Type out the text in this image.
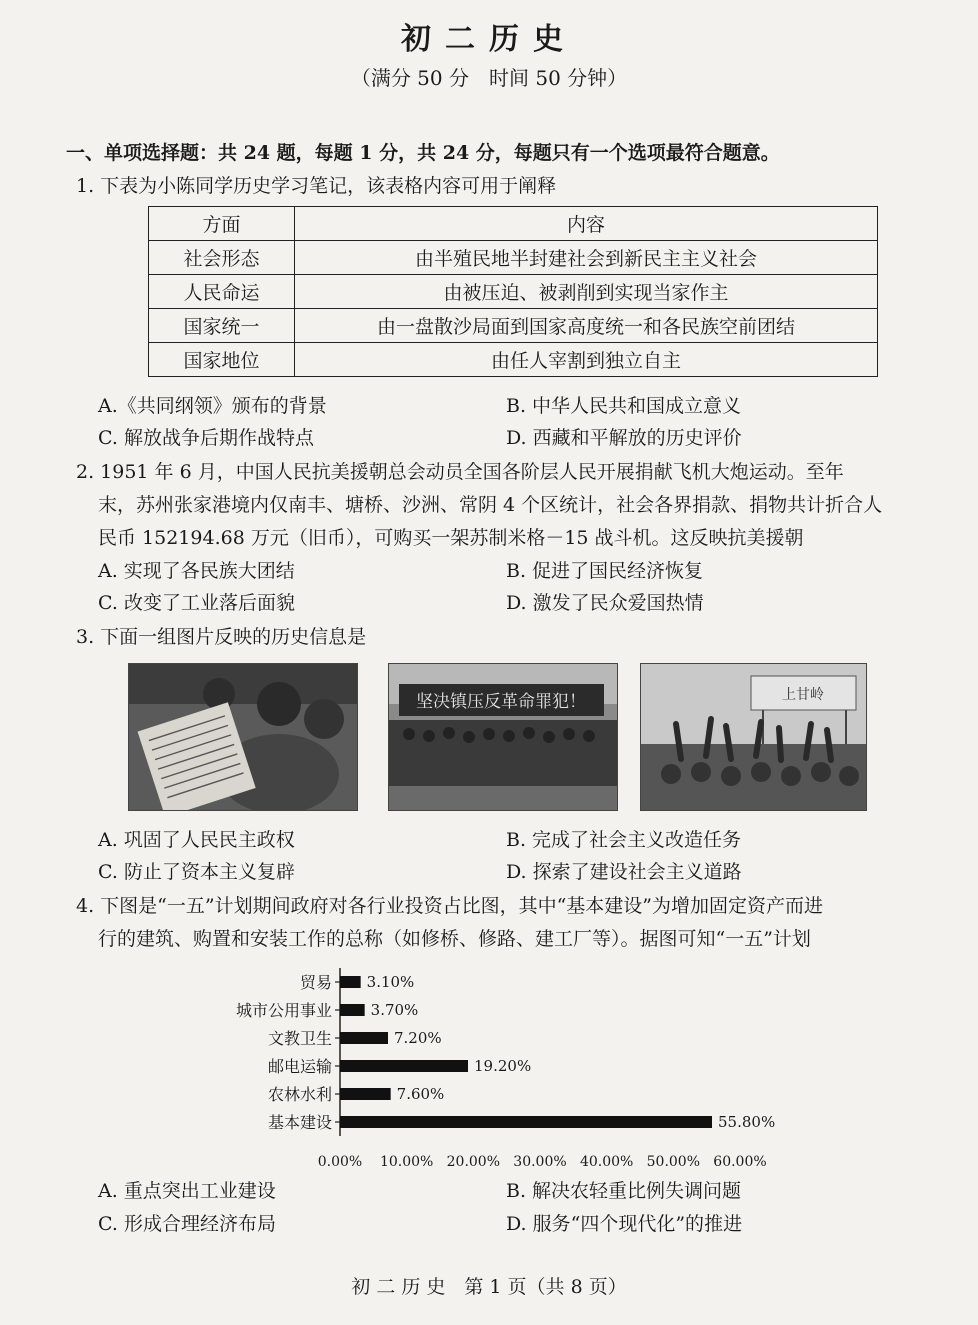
初二历史
（满分 50 分　时间 50 分钟）
一、单项选择题：共 24 题，每题 1 分，共 24 分，每题只有一个选项最符合题意。
1. 下表为小陈同学历史学习笔记，该表格内容可用于阐释
方面	内容
社会形态	由半殖民地半封建社会到新民主主义社会
人民命运	由被压迫、被剥削到实现当家作主
国家统一	由一盘散沙局面到国家高度统一和各民族空前团结
国家地位	由任人宰割到独立自主
A.《共同纲领》颁布的背景	B. 中华人民共和国成立意义
C. 解放战争后期作战特点	D. 西藏和平解放的历史评价
2. 1951 年 6 月，中国人民抗美援朝总会动员全国各阶层人民开展捐献飞机大炮运动。至年
末，苏州张家港境内仅南丰、塘桥、沙洲、常阴 4 个区统计，社会各界捐款、捐物共计折合人
民币 152194.68 万元（旧币），可购买一架苏制米格－15 战斗机。这反映抗美援朝
A. 实现了各民族大团结	B. 促进了国民经济恢复
C. 改变了工业落后面貌	D. 激发了民众爱国热情
3. 下面一组图片反映的历史信息是
坚决镇压反革命罪犯！	上甘岭
A. 巩固了人民民主政权	B. 完成了社会主义改造任务
C. 防止了资本主义复辟	D. 探索了建设社会主义道路
4. 下图是“一五”计划期间政府对各行业投资占比图，其中“基本建设”为增加固定资产而进
行的建筑、购置和安装工作的总称（如修桥、修路、建工厂等）。据图可知“一五”计划
贸易 3.10%
城市公用事业	3.70%
文教卫生	7.20%
邮电运输	19.20%
农林水利	7.60%
基本建设	55.80%
0.00% 10.00% 20.00% 30.00% 40.00% 50.00% 60.00%
A. 重点突出工业建设	B. 解决农轻重比例失调问题
C. 形成合理经济布局	D. 服务“四个现代化”的推进
初 二 历 史　第 1 页（共 8 页）
